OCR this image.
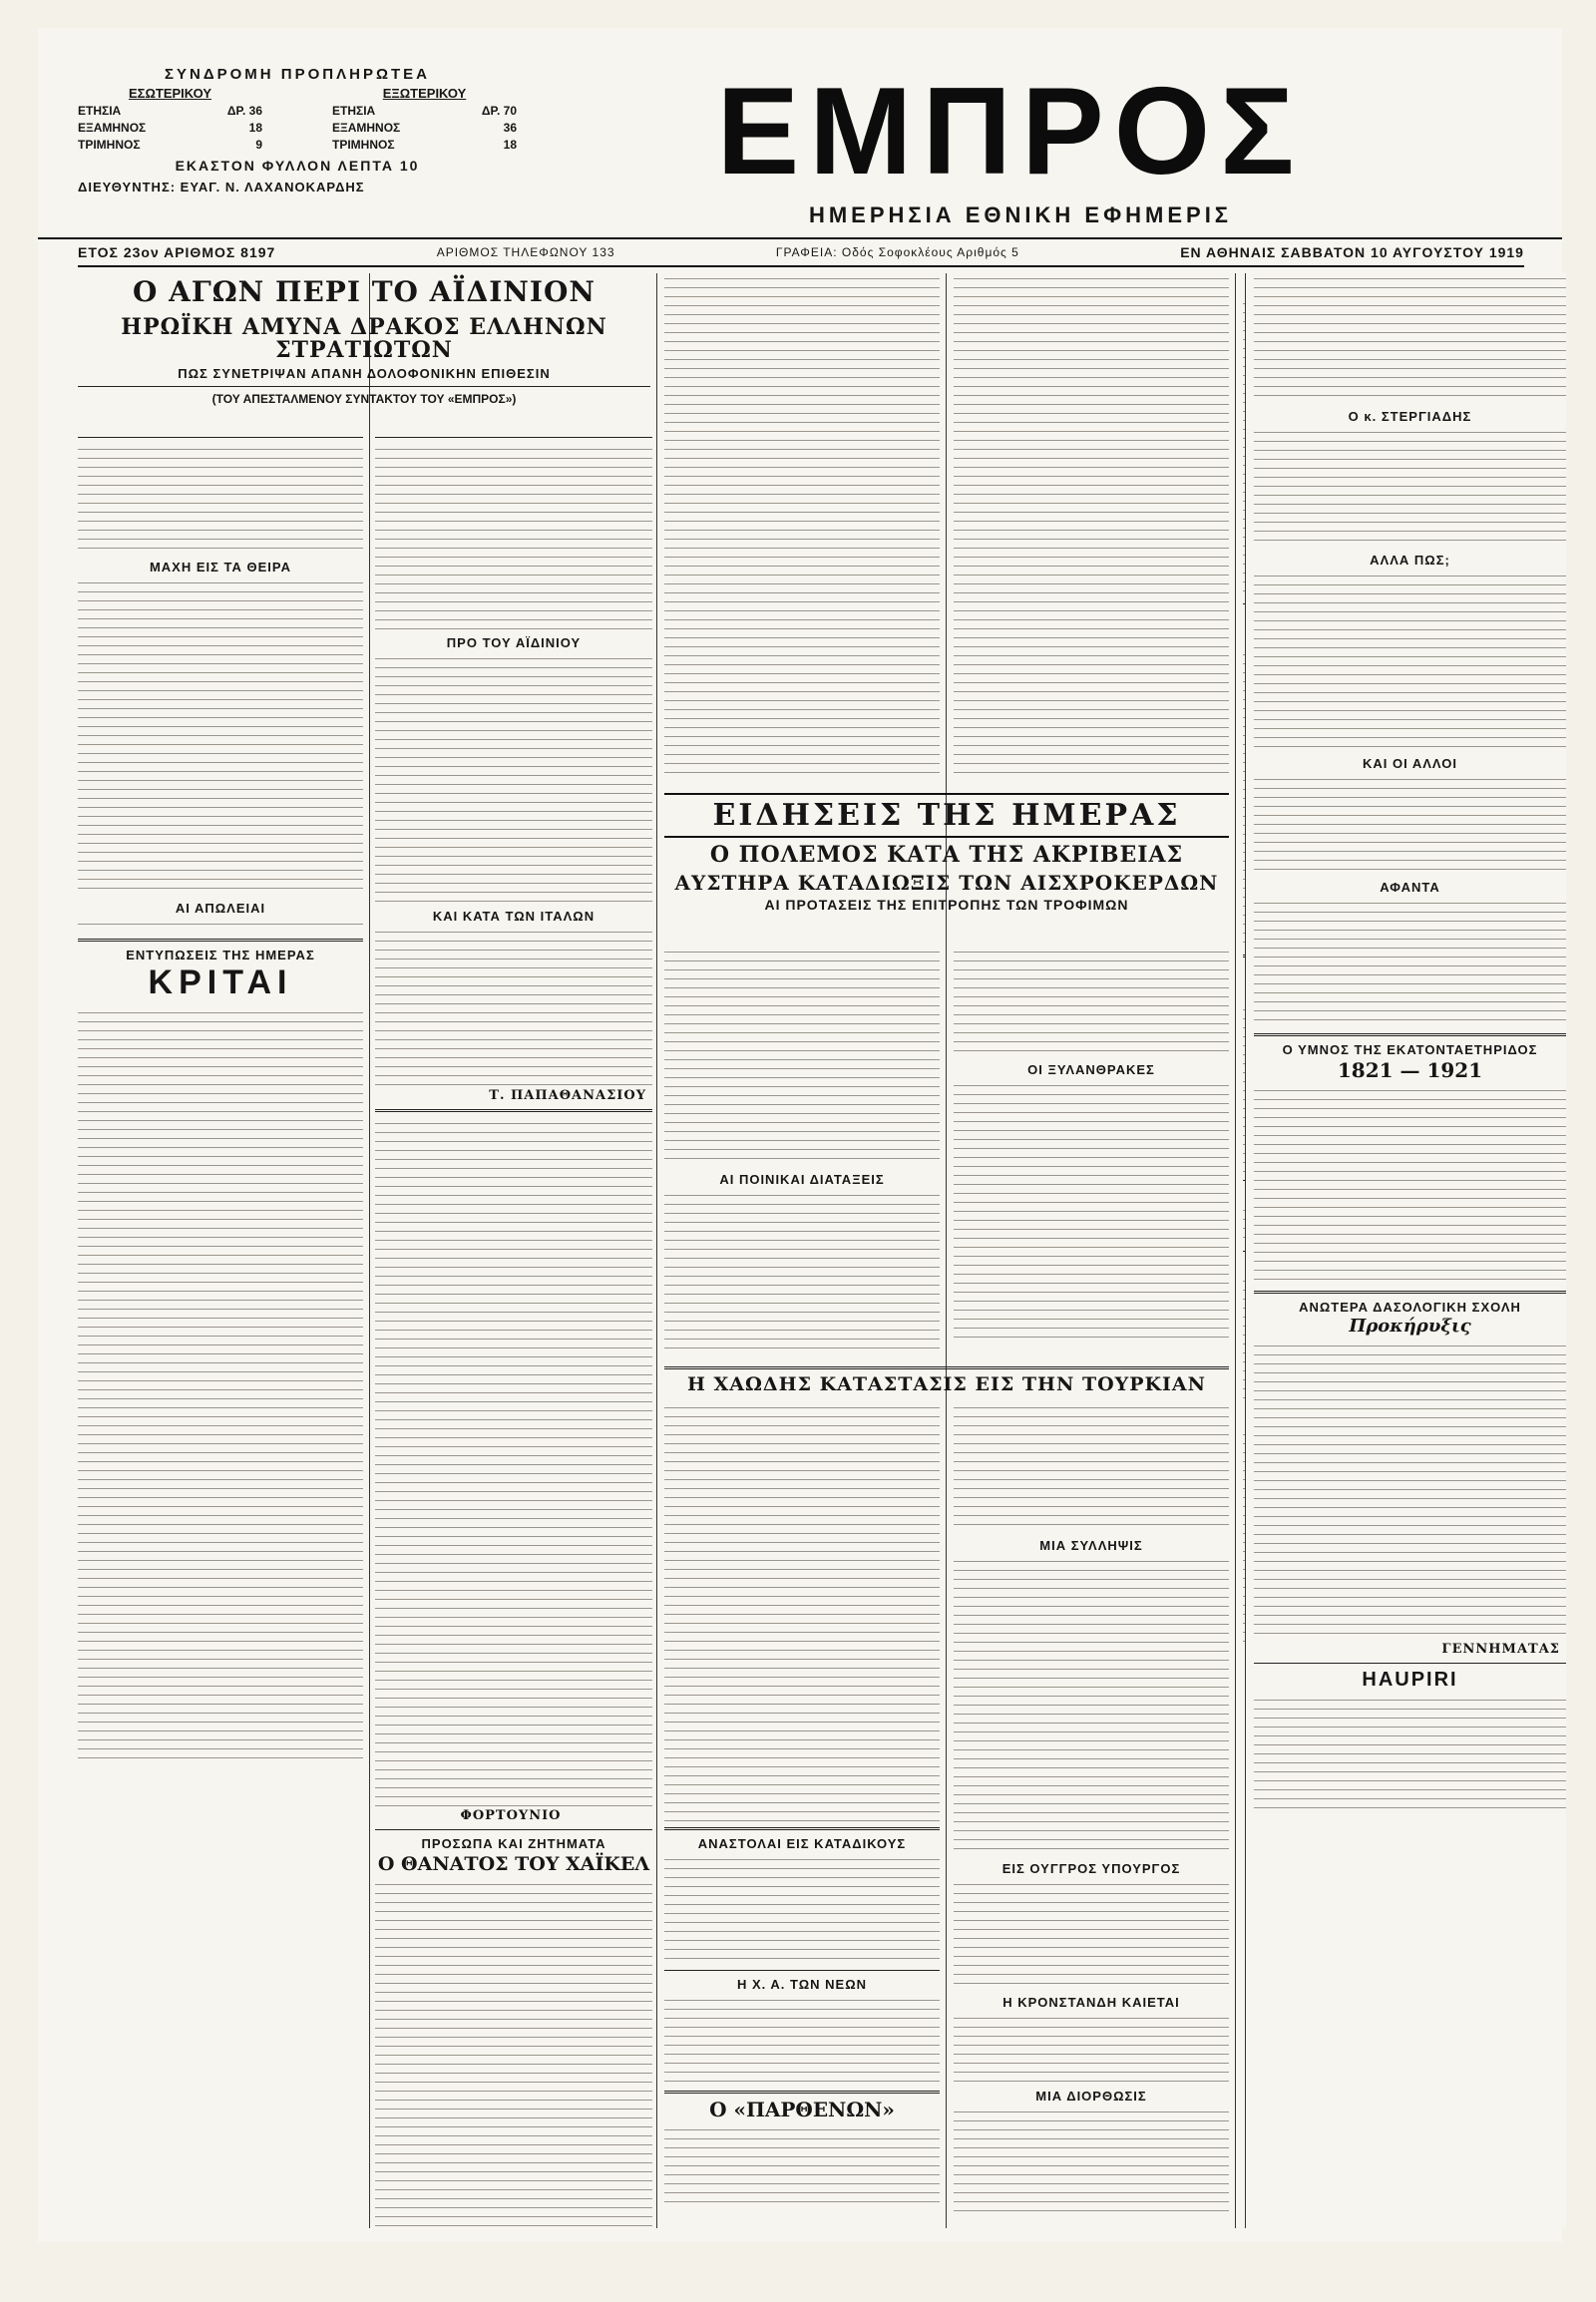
ΣΥΝΔΡΟΜΗ ΠΡΟΠΛΗΡΩΤΕΑ
ΕΣΩΤΕΡΙΚΟΥ
ΕΤΗΣΙΑ	ΔΡ. 36
ΕΞΑΜΗΝΟΣ	18
ΤΡΙΜΗΝΟΣ	9
ΕΞΩΤΕΡΙΚΟΥ
ΕΤΗΣΙΑ	ΔΡ. 70
ΕΞΑΜΗΝΟΣ	36
ΤΡΙΜΗΝΟΣ	18
ΕΚΑΣΤΟΝ ΦΥΛΛΟΝ ΛΕΠΤΑ 10
ΔΙΕΥΘΥΝΤΗΣ: ΕΥΑΓ. Ν. ΛΑΧΑΝΟΚΑΡΔΗΣ	ΕΜΠΡΟΣ
ΗΜΕΡΗΣΙΑ ΕΘΝΙΚΗ ΕΦΗΜΕΡΙΣ
ΕΤΟΣ 23ον ΑΡΙΘΜΟΣ 8197	ΑΡΙΘΜΟΣ ΤΗΛΕΦΩΝΟΥ 133	ΓΡΑΦΕΙΑ: Οδός Σοφοκλέους Αριθμός 5	ΕΝ ΑΘΗΝΑΙΣ ΣΑΒΒΑΤΟΝ 10 ΑΥΓΟΥΣΤΟΥ 1919
Ο ΑΓΩΝ ΠΕΡΙ ΤΟ ΑΪΔΙΝΙΟΝ
ΗΡΩΪΚΗ ΑΜΥΝΑ ΔΡΑΚΟΣ ΕΛΛΗΝΩΝ ΣΤΡΑΤΙΩΤΩΝ
ΠΩΣ ΣΥΝΕΤΡΙΨΑΝ ΑΠΑΝΗ ΔΟΛΟΦΟΝΙΚΗΝ ΕΠΙΘΕΣΙΝ
(ΤΟΥ ΑΠΕΣΤΑΛΜΕΝΟΥ ΣΥΝΤΑΚΤΟΥ ΤΟΥ «ΕΜΠΡΟΣ»)
ΜΑΧΗ ΕΙΣ ΤΑ ΘΕΙΡΑ
ΑΙ ΑΠΩΛΕΙΑΙ
ΕΝΤΥΠΩΣΕΙΣ ΤΗΣ ΗΜΕΡΑΣ
ΚΡΙΤΑΙ
ΠΡΟ ΤΟΥ ΑΪΔΙΝΙΟΥ
ΚΑΙ ΚΑΤΑ ΤΩΝ ΙΤΑΛΩΝ
Τ. ΠΑΠΑΘΑΝΑΣΙΟΥ
ΦΟΡΤΟΥΝΙΟ
ΠΡΟΣΩΠΑ ΚΑΙ ΖΗΤΗΜΑΤΑ
Ο ΘΑΝΑΤΟΣ ΤΟΥ ΧΑΪΚΕΛ
ΕΙΔΗΣΕΙΣ ΤΗΣ ΗΜΕΡΑΣ
Ο ΠΟΛΕΜΟΣ ΚΑΤΑ ΤΗΣ ΑΚΡΙΒΕΙΑΣ
ΑΥΣΤΗΡΑ ΚΑΤΑΔΙΩΞΙΣ ΤΩΝ ΑΙΣΧΡΟΚΕΡΔΩΝ
ΑΙ ΠΡΟΤΑΣΕΙΣ ΤΗΣ ΕΠΙΤΡΟΠΗΣ ΤΩΝ ΤΡΟΦΙΜΩΝ
ΑΙ ΠΟΙΝΙΚΑΙ ΔΙΑΤΑΞΕΙΣ
ΟΙ ΞΥΛΑΝΘΡΑΚΕΣ
Η ΧΑΩΔΗΣ ΚΑΤΑΣΤΑΣΙΣ ΕΙΣ ΤΗΝ ΤΟΥΡΚΙΑΝ
ΑΝΑΣΤΟΛΑΙ ΕΙΣ ΚΑΤΑΔΙΚΟΥΣ
Η Χ. Α. ΤΩΝ ΝΕΩΝ
Ο «ΠΑΡΘΕΝΩΝ»
ΜΙΑ ΣΥΛΛΗΨΙΣ
ΕΙΣ ΟΥΓΓΡΟΣ ΥΠΟΥΡΓΟΣ
Η ΚΡΟΝΣΤΑΝΔΗ ΚΑΙΕΤΑΙ
ΜΙΑ ΔΙΟΡΘΩΣΙΣ
Ο κ. ΣΤΕΡΓΙΑΔΗΣ
ΑΛΛΑ ΠΩΣ;
ΚΑΙ ΟΙ ΑΛΛΟΙ
ΑΦΑΝΤΑ
Ο ΥΜΝΟΣ ΤΗΣ ΕΚΑΤΟΝΤΑΕΤΗΡΙΔΟΣ
1821 — 1921
ΑΝΩΤΕΡΑ ΔΑΣΟΛΟΓΙΚΗ ΣΧΟΛΗ
Προκήρυξις
ΓΕΝΝΗΜΑΤΑΣ
HAUPIRI
